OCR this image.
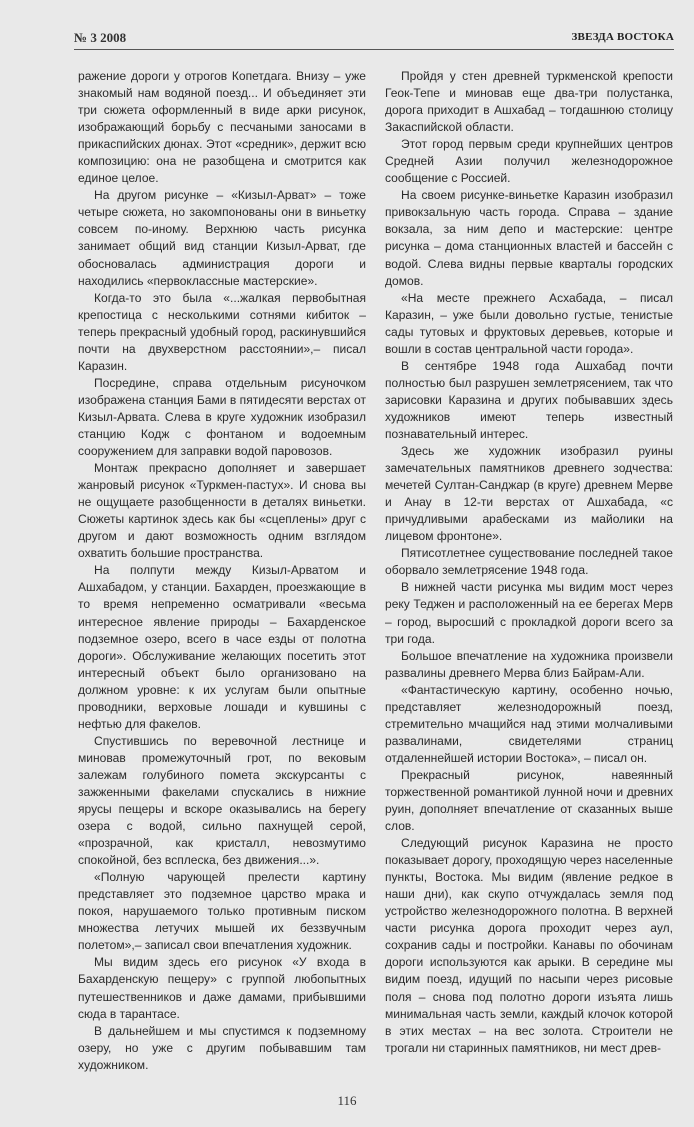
№ 3 2008	ЗВЕЗДА ВОСТОКА

ражение дороги у отрогов Копетдага. Внизу – уже знакомый нам водяной поезд... И объединяет эти три сюжета оформленный в виде арки рисунок, изображающий борьбу с песчаными заносами в прикаспийских дюнах. Этот «средник», держит всю композицию: она не разобщена и смотрится как единое целое.

На другом рисунке – «Кизыл-Арват» – тоже четыре сюжета, но закомпонованы они в виньетку совсем по-иному. Верхнюю часть рисунка занимает общий вид станции Кизыл-Арват, где обосновалась администрация дороги и находились «первоклассные мастерские».

Когда-то это была «...жалкая первобытная крепостица с несколькими сотнями кибиток – теперь прекрасный удобный город, раскинувшийся почти на двухверстном расстоянии»,– писал Каразин.

Посредине, справа отдельным рисуночком изображена станция Бами в пятидесяти верстах от Кизыл-Арвата. Слева в круге художник изобразил станцию Кодж с фонтаном и водоемным сооружением для заправки водой паровозов.

Монтаж прекрасно дополняет и завершает жанровый рисунок «Туркмен-пастух». И снова вы не ощущаете разобщенности в деталях виньетки. Сюжеты картинок здесь как бы «сцеплены» друг с другом и дают возможность одним взглядом охватить большие пространства.

На полпути между Кизыл-Арватом и Ашхабадом, у станции. Бахарден, проезжающие в то время непременно осматривали «весьма интересное явление природы – Бахарденское подземное озеро, всего в часе езды от полотна дороги». Обслуживание желающих посетить этот интересный объект было организовано на должном уровне: к их услугам были опытные проводники, верховые лошади и кувшины с нефтью для факелов.

Спустившись по веревочной лестнице и миновав промежуточный грот, по вековым залежам голубиного помета экскурсанты с зажженными факелами спускались в нижние ярусы пещеры и вскоре оказывались на берегу озера с водой, сильно пахнущей серой, «прозрачной, как кристалл, невозмутимо спокойной, без всплеска, без движения...».

«Полную чарующей прелести картину представляет это подземное царство мрака и покоя, нарушаемого только противным писком множества летучих мышей их беззвучным полетом»,– записал свои впечатления художник.

Мы видим здесь его рисунок «У входа в Бахарденскую пещеру» с группой любопытных путешественников и даже дамами, прибывшими сюда в тарантасе.

В дальнейшем и мы спустимся к подземному озеру, но уже с другим побывавшим там художником.

Пройдя у стен древней туркменской крепости Геок-Тепе и миновав еще два-три полустанка, дорога приходит в Ашхабад – тогдашнюю столицу Закаспийской области.

Этот город первым среди крупнейших центров Средней Азии получил железнодорожное сообщение с Россией.

На своем рисунке-виньетке Каразин изобразил привокзальную часть города. Справа – здание вокзала, за ним депо и мастерские: центре рисунка – дома станционных властей и бассейн с водой. Слева видны первые кварталы городских домов.

«На месте прежнего Асхабада, – писал Каразин, – уже были довольно густые, тенистые сады тутовых и фруктовых деревьев, которые и вошли в состав центральной части города».

В сентябре 1948 года Ашхабад почти полностью был разрушен землетрясением, так что зарисовки Каразина и других побывавших здесь художников имеют теперь известный познавательный интерес.

Здесь же художник изобразил руины замечательных памятников древнего зодчества: мечетей Султан-Санджар (в круге) древнем Мерве и Анау в 12-ти верстах от Ашхабада, «с причудливыми арабесками из майолики на лицевом фронтоне».

Пятисотлетнее существование последней такое оборвало землетрясение 1948 года.

В нижней части рисунка мы видим мост через реку Теджен и расположенный на ее берегах Мерв – город, выросший с прокладкой дороги всего за три года.

Большое впечатление на художника произвели развалины древнего Мерва близ Байрам-Али.

«Фантастическую картину, особенно ночью, представляет железнодорожный поезд, стремительно мчащийся над этими молчаливыми развалинами, свидетелями страниц отдаленнейшей истории Востока», – писал он.

Прекрасный рисунок, навеянный торжественной романтикой лунной ночи и древних руин, дополняет впечатление от сказанных выше слов.

Следующий рисунок Каразина не просто показывает дорогу, проходящую через населенные пункты, Востока. Мы видим (явление редкое в наши дни), как скупо отчуждалась земля под устройство железнодорожного полотна. В верхней части рисунка дорога проходит через аул, сохранив сады и постройки. Канавы по обочинам дороги используются как арыки. В середине мы видим поезд, идущий по насыпи через рисовые поля – снова под полотно дороги изъята лишь минимальная часть земли, каждый клочок которой в этих местах – на вес золота. Строители не трогали ни старинных памятников, ни мест древ-

116
